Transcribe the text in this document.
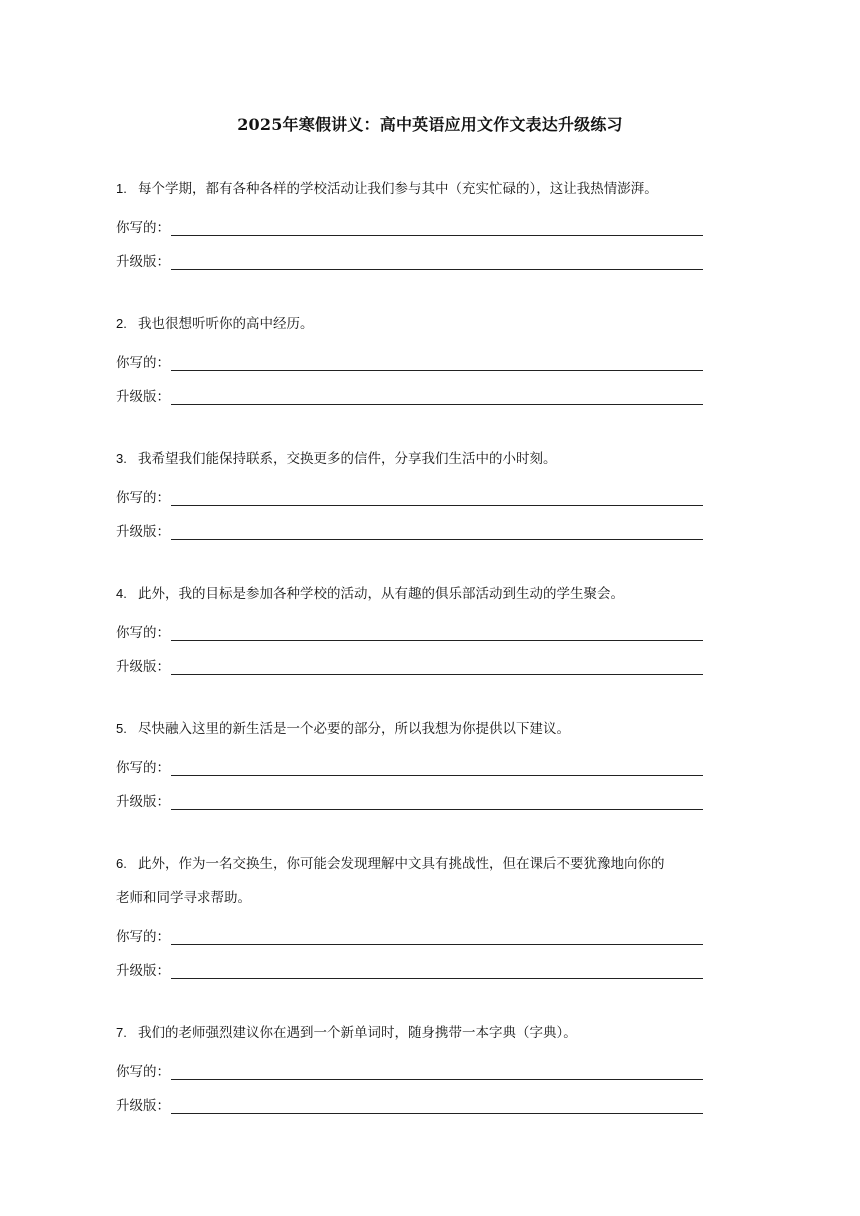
2025年寒假讲义：高中英语应用文作文表达升级练习
1. 每个学期，都有各种各样的学校活动让我们参与其中（充实忙碌的），这让我热情澎湃。
你写的：
升级版：
2. 我也很想听听你的高中经历。
你写的：
升级版：
3. 我希望我们能保持联系，交换更多的信件，分享我们生活中的小时刻。
你写的：
升级版：
4. 此外，我的目标是参加各种学校的活动，从有趣的俱乐部活动到生动的学生聚会。
你写的：
升级版：
5. 尽快融入这里的新生活是一个必要的部分，所以我想为你提供以下建议。
你写的：
升级版：
6. 此外，作为一名交换生，你可能会发现理解中文具有挑战性，但在课后不要犹豫地向你的
老师和同学寻求帮助。
你写的：
升级版：
7. 我们的老师强烈建议你在遇到一个新单词时，随身携带一本字典（字典）。
你写的：
升级版：
